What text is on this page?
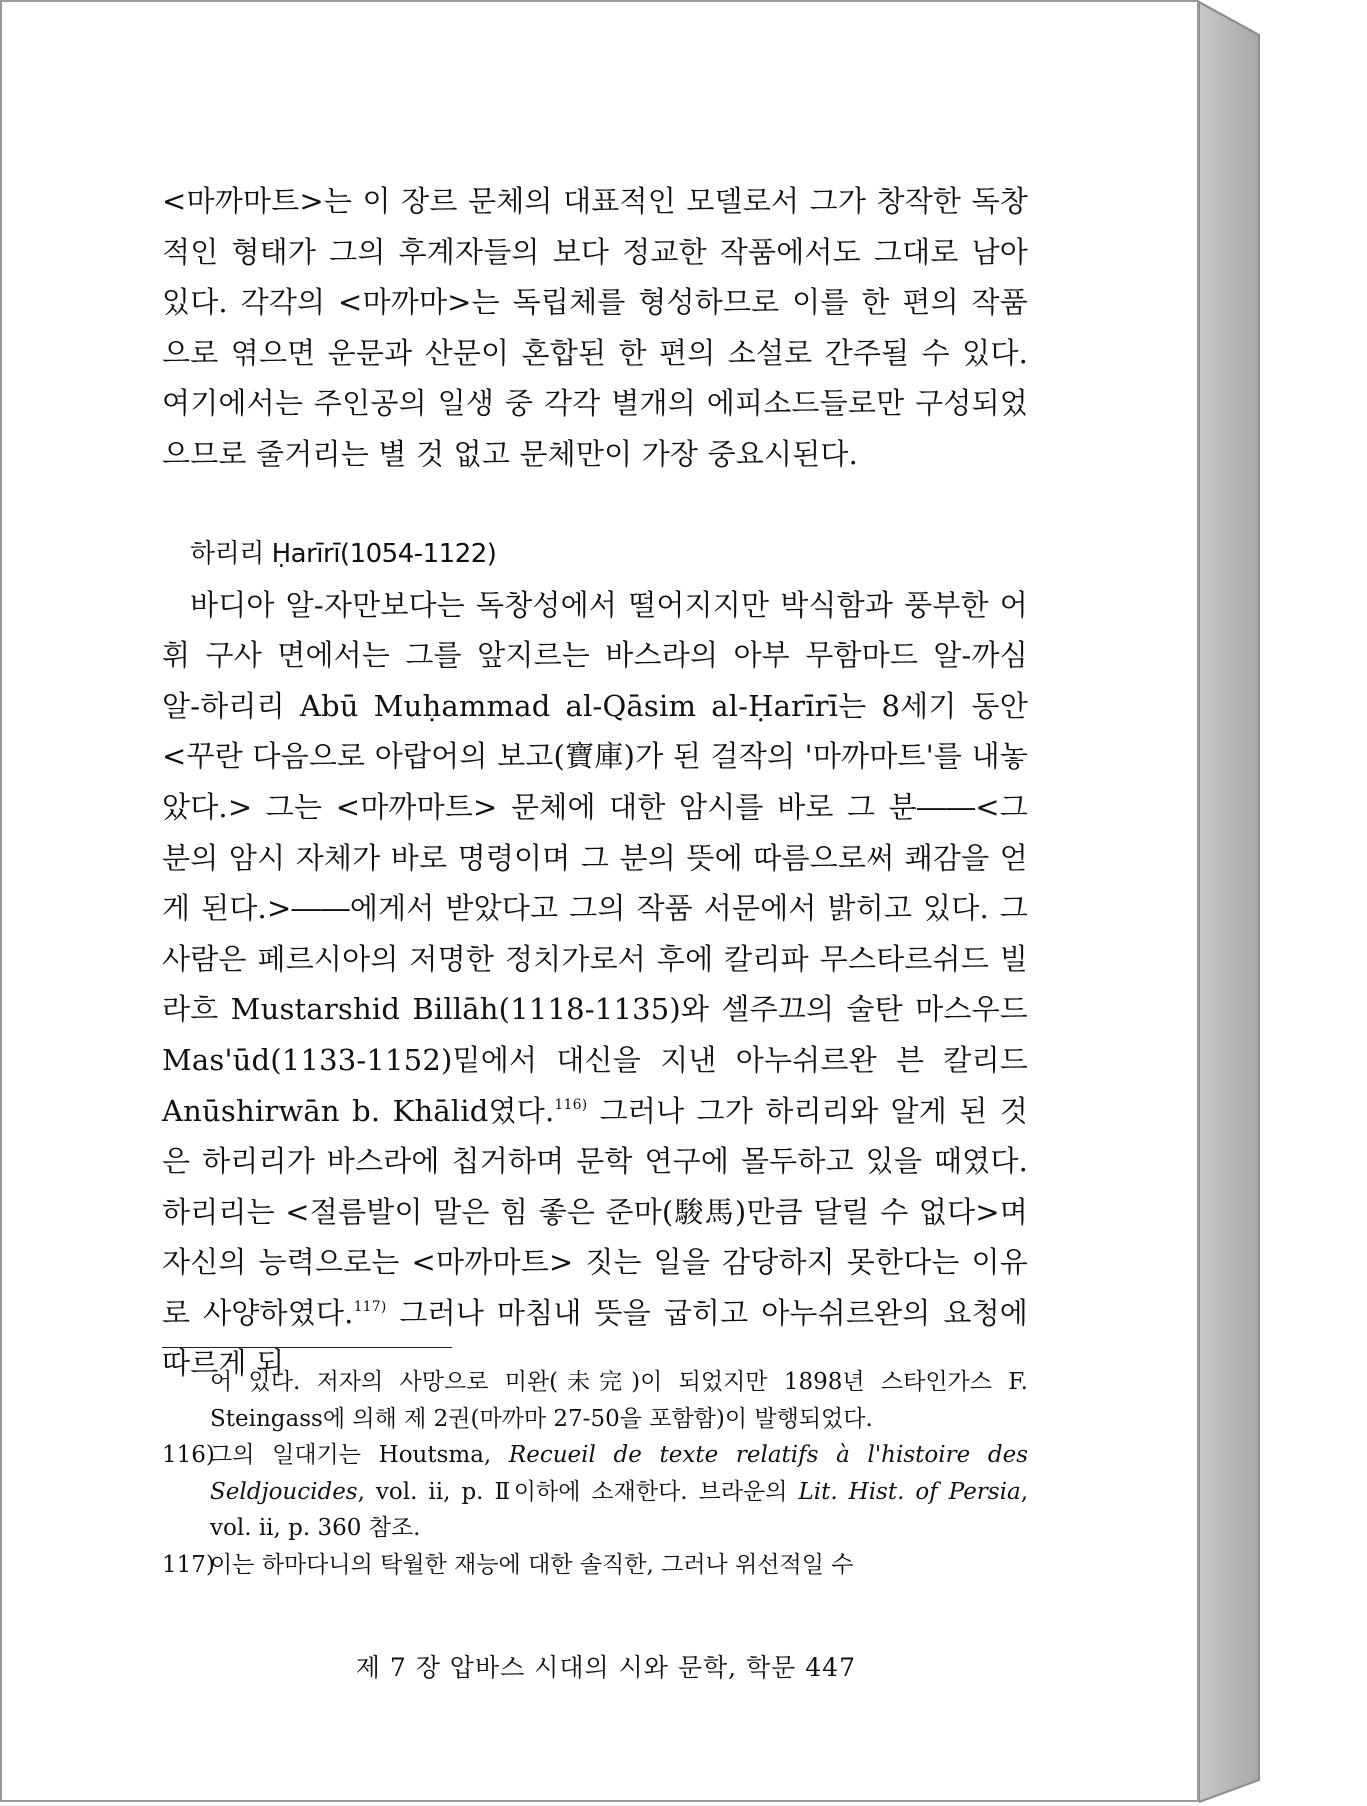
<마까마트>는 이 장르 문체의 대표적인 모델로서 그가 창작한 독창적인 형태가 그의 후계자들의 보다 정교한 작품에서도 그대로 남아 있다. 각각의 <마까마>는 독립체를 형성하므로 이를 한 편의 작품으로 엮으면 운문과 산문이 혼합된 한 편의 소설로 간주될 수 있다. 여기에서는 주인공의 일생 중 각각 별개의 에피소드들로만 구성되었으므로 줄거리는 별 것 없고 문체만이 가장 중요시된다.

하리리 Ḥarīrī(1054-1122)

바디아 알-자만보다는 독창성에서 떨어지지만 박식함과 풍부한 어휘 구사 면에서는 그를 앞지르는 바스라의 아부 무함마드 알-까심 알-하리리 Abū Muḥammad al-Qāsim al-Ḥarīrī는 8세기 동안 <꾸란 다음으로 아랍어의 보고(寶庫)가 된 걸작의 '마까마트'를 내놓았다.> 그는 <마까마트> 문체에 대한 암시를 바로 그 분――<그 분의 암시 자체가 바로 명령이며 그 분의 뜻에 따름으로써 쾌감을 얻게 된다.>――에게서 받았다고 그의 작품 서문에서 밝히고 있다. 그 사람은 페르시아의 저명한 정치가로서 후에 칼리파 무스타르쉬드 빌라흐 Mustarshid Billāh(1118-1135)와 셀주끄의 술탄 마스우드 Mas'ūd(1133-1152)밑에서 대신을 지낸 아누쉬르완 븐 칼리드 Anūshirwān b. Khālid였다.$^{116)}$ 그러나 그가 하리리와 알게 된 것은 하리리가 바스라에 칩거하며 문학 연구에 몰두하고 있을 때였다. 하리리는 <절름발이 말은 힘 좋은 준마(駿馬)만큼 달릴 수 없다>며 자신의 능력으로는 <마까마트> 짓는 일을 감당하지 못한다는 이유로 사양하였다.$^{117)}$ 그러나 마침내 뜻을 굽히고 아누쉬르완의 요청에 따르게 되

어 있다. 저자의 사망으로 미완(未完)이 되었지만 1898년 스타인가스 F. Steingass에 의해 제 2권(마까마 27-50을 포함함)이 발행되었다.

116)그의 일대기는 Houtsma, Recueil de texte relatifs à l'histoire des Seldjoucides, vol. ii, p. Ⅱ이하에 소재한다. 브라운의 Lit. Hist. of Persia, vol. ii, p. 360 참조.

117)이는 하마다니의 탁월한 재능에 대한 솔직한, 그러나 위선적일 수

제 7 장 압바스 시대의 시와 문학, 학문 447
